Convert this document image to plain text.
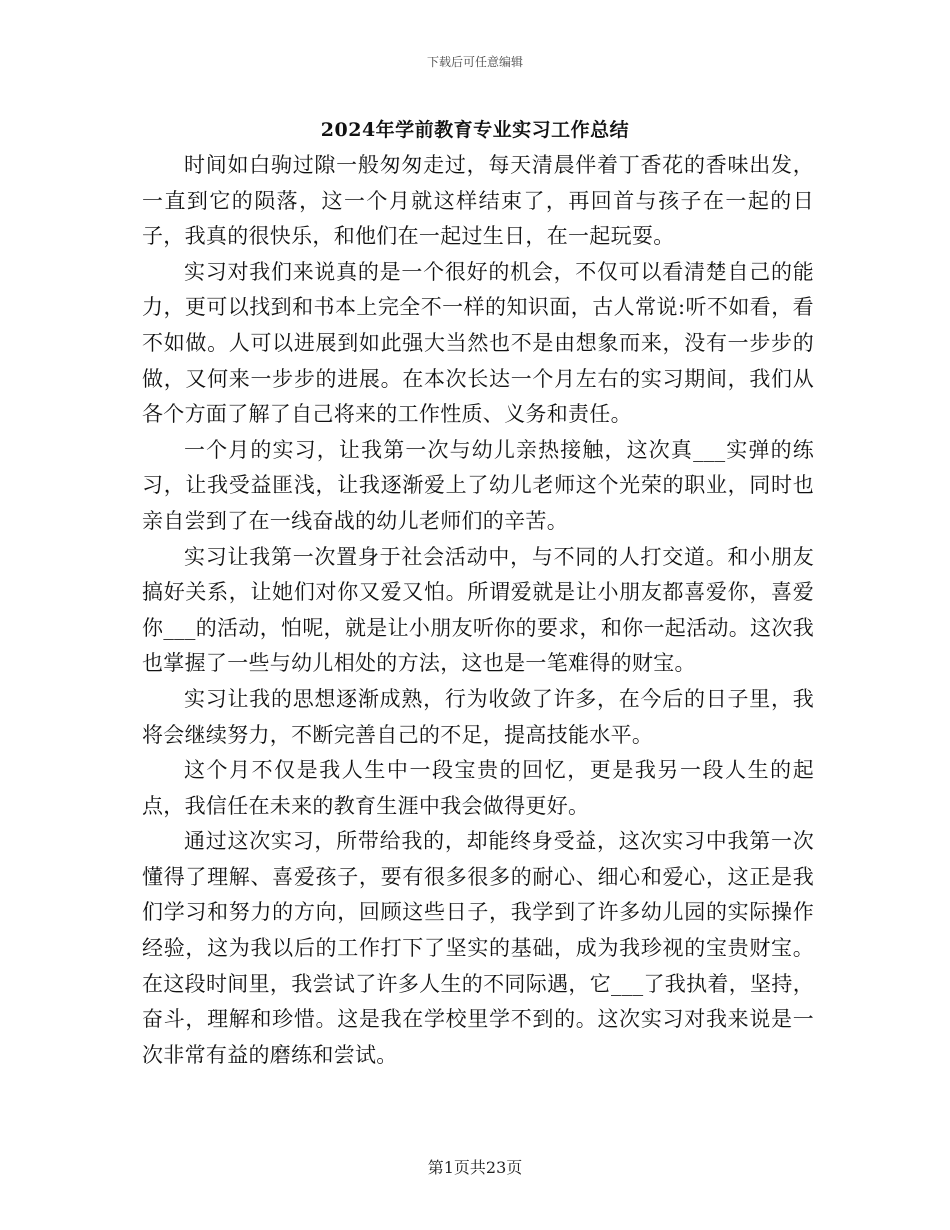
下载后可任意编辑
2024年学前教育专业实习工作总结

时间如白驹过隙一般匆匆走过，每天清晨伴着丁香花的香味出发，一直到它的陨落，这一个月就这样结束了，再回首与孩子在一起的日子，我真的很快乐，和他们在一起过生日，在一起玩耍。

实习对我们来说真的是一个很好的机会，不仅可以看清楚自己的能力，更可以找到和书本上完全不一样的知识面，古人常说:听不如看，看不如做。人可以进展到如此强大当然也不是由想象而来，没有一步步的做，又何来一步步的进展。在本次长达一个月左右的实习期间，我们从各个方面了解了自己将来的工作性质、义务和责任。

一个月的实习，让我第一次与幼儿亲热接触，这次真___实弹的练习，让我受益匪浅，让我逐渐爱上了幼儿老师这个光荣的职业，同时也亲自尝到了在一线奋战的幼儿老师们的辛苦。

实习让我第一次置身于社会活动中，与不同的人打交道。和小朋友搞好关系，让她们对你又爱又怕。所谓爱就是让小朋友都喜爱你，喜爱你___的活动，怕呢，就是让小朋友听你的要求，和你一起活动。这次我也掌握了一些与幼儿相处的方法，这也是一笔难得的财宝。

实习让我的思想逐渐成熟，行为收敛了许多，在今后的日子里，我将会继续努力，不断完善自己的不足，提高技能水平。

这个月不仅是我人生中一段宝贵的回忆，更是我另一段人生的起点，我信任在未来的教育生涯中我会做得更好。

通过这次实习，所带给我的，却能终身受益，这次实习中我第一次懂得了理解、喜爱孩子，要有很多很多的耐心、细心和爱心，这正是我们学习和努力的方向，回顾这些日子，我学到了许多幼儿园的实际操作经验，这为我以后的工作打下了坚实的基础，成为我珍视的宝贵财宝。在这段时间里，我尝试了许多人生的不同际遇，它___了我执着，坚持，奋斗，理解和珍惜。这是我在学校里学不到的。这次实习对我来说是一次非常有益的磨练和尝试。

第1页共23页
